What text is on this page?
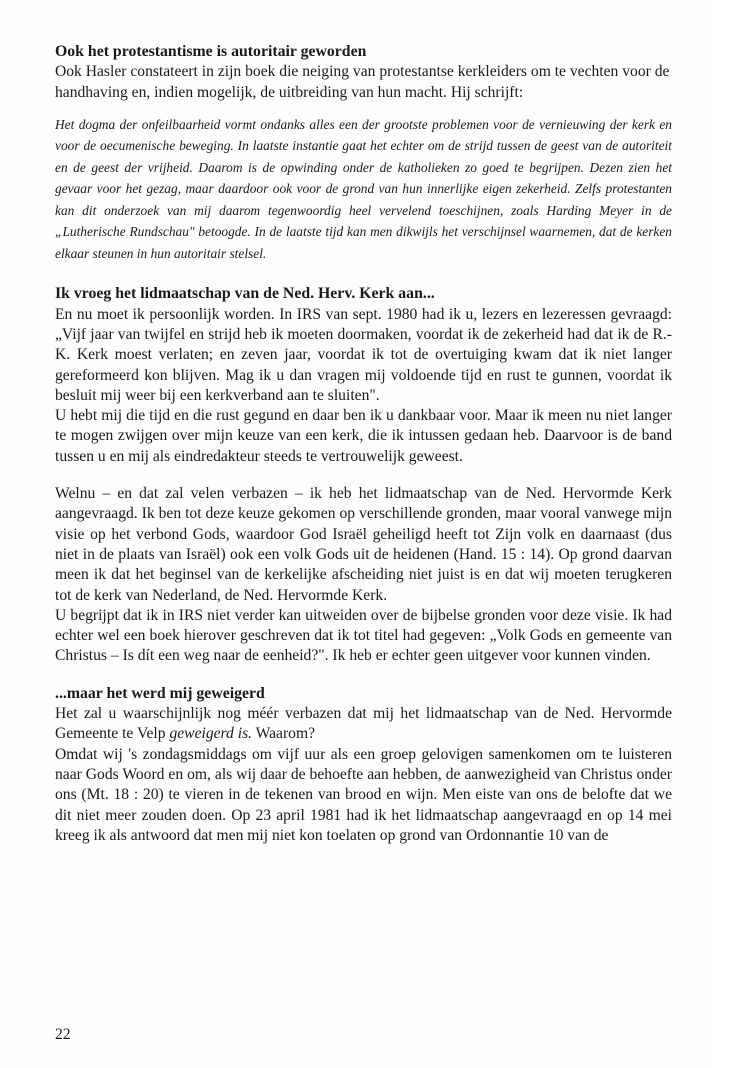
Ook het protestantisme is autoritair geworden

Ook Hasler constateert in zijn boek die neiging van protestantse kerkleiders om te vechten voor de handhaving en, indien mogelijk, de uitbreiding van hun macht. Hij schrijft:

Het dogma der onfeilbaarheid vormt ondanks alles een der grootste problemen voor de vernieuwing der kerk en voor de oecumenische beweging. In laatste instantie gaat het echter om de strijd tussen de geest van de autoriteit en de geest der vrijheid. Daarom is de opwinding onder de katholieken zo goed te begrijpen. Dezen zien het gevaar voor het gezag, maar daardoor ook voor de grond van hun innerlijke eigen zekerheid. Zelfs protestanten kan dit onderzoek van mij daarom tegenwoordig heel vervelend toeschijnen, zoals Harding Meyer in de „Lutherische Rundschau" betoogde. In de laatste tijd kan men dikwijls het verschijnsel waarnemen, dat de kerken elkaar steunen in hun autoritair stelsel.

Ik vroeg het lidmaatschap van de Ned. Herv. Kerk aan...

En nu moet ik persoonlijk worden. In IRS van sept. 1980 had ik u, lezers en lezeressen gevraagd: „Vijf jaar van twijfel en strijd heb ik moeten doormaken, voordat ik de zekerheid had dat ik de R.-K. Kerk moest verlaten; en zeven jaar, voordat ik tot de overtuiging kwam dat ik niet langer gereformeerd kon blijven. Mag ik u dan vragen mij voldoende tijd en rust te gunnen, voordat ik besluit mij weer bij een kerkverband aan te sluiten".

U hebt mij die tijd en die rust gegund en daar ben ik u dankbaar voor. Maar ik meen nu niet langer te mogen zwijgen over mijn keuze van een kerk, die ik intussen gedaan heb. Daarvoor is de band tussen u en mij als eindredakteur steeds te vertrouwelijk geweest.

Welnu – en dat zal velen verbazen – ik heb het lidmaatschap van de Ned. Hervormde Kerk aangevraagd. Ik ben tot deze keuze gekomen op verschillende gronden, maar vooral vanwege mijn visie op het verbond Gods, waardoor God Israël geheiligd heeft tot Zijn volk en daarnaast (dus niet in de plaats van Israël) ook een volk Gods uit de heidenen (Hand. 15 : 14). Op grond daarvan meen ik dat het beginsel van de kerkelijke afscheiding niet juist is en dat wij moeten terugkeren tot de kerk van Nederland, de Ned. Hervormde Kerk.

U begrijpt dat ik in IRS niet verder kan uitweiden over de bijbelse gronden voor deze visie. Ik had echter wel een boek hierover geschreven dat ik tot titel had gegeven: „Volk Gods en gemeente van Christus – Is dít een weg naar de eenheid?". Ik heb er echter geen uitgever voor kunnen vinden.

...maar het werd mij geweigerd

Het zal u waarschijnlijk nog méér verbazen dat mij het lidmaatschap van de Ned. Hervormde Gemeente te Velp geweigerd is. Waarom?

Omdat wij 's zondagsmiddags om vijf uur als een groep gelovigen samenkomen om te luisteren naar Gods Woord en om, als wij daar de behoefte aan hebben, de aanwezigheid van Christus onder ons (Mt. 18 : 20) te vieren in de tekenen van brood en wijn. Men eiste van ons de belofte dat we dit niet meer zouden doen. Op 23 april 1981 had ik het lidmaatschap aangevraagd en op 14 mei kreeg ik als antwoord dat men mij niet kon toelaten op grond van Ordonnantie 10 van de

22
